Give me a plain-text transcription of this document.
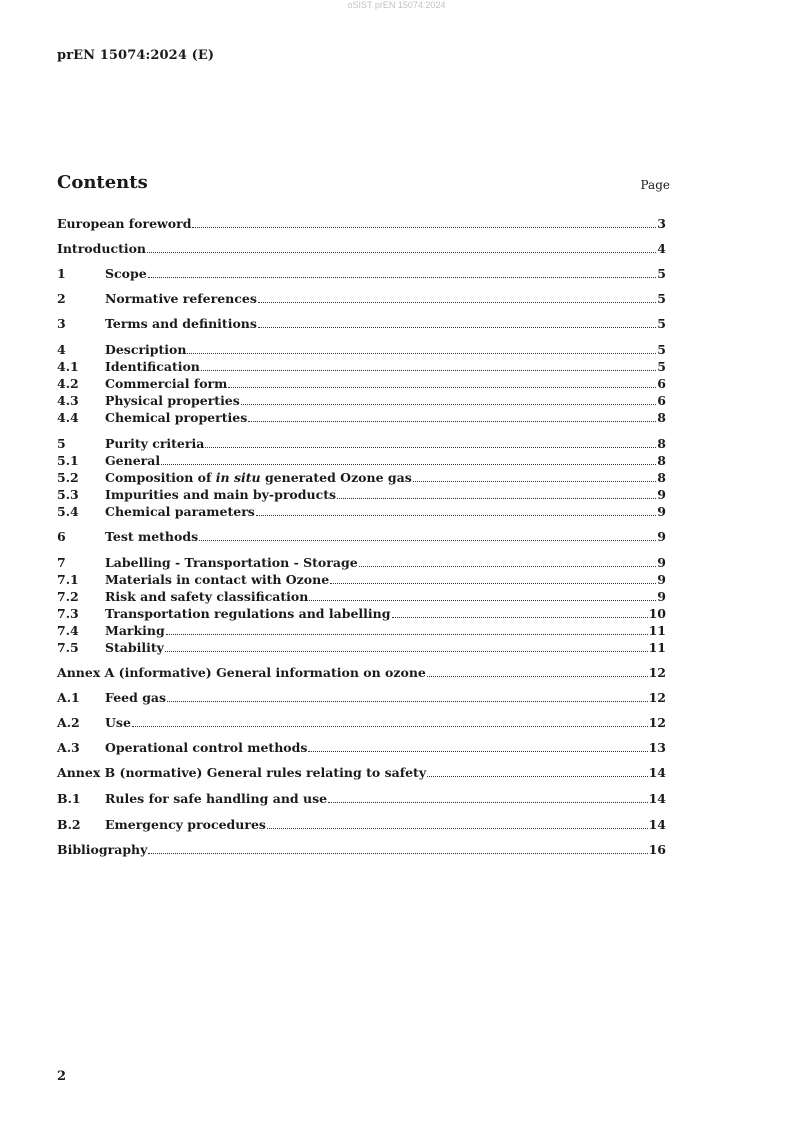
oSIST prEN 15074:2024
prEN 15074:2024 (E)
Contents	Page
European foreword	3
Introduction	4
1	Scope	5
2	Normative references	5
3	Terms and definitions	5
4	Description	5
4.1 Identification	5
4.2 Commercial form	6
4.3 Physical properties	6
4.4 Chemical properties	8
5	Purity criteria	8
5.1 General	8
5.2 Composition of in situ generated Ozone gas	8
5.3 Impurities and main by-products	9
5.4 Chemical parameters	9
6	Test methods	9
7	Labelling - Transportation - Storage	9
7.1 Materials in contact with Ozone	9
7.2 Risk and safety classification	9
7.3 Transportation regulations and labelling	10
7.4 Marking	11
7.5 Stability	11
Annex A (informative) General information on ozone	12
A.1 Feed gas	12
A.2 Use	12
A.3 Operational control methods	13
Annex B (normative) General rules relating to safety	14
B.1 Rules for safe handling and use	14
B.2 Emergency procedures	14
Bibliography	16
2
